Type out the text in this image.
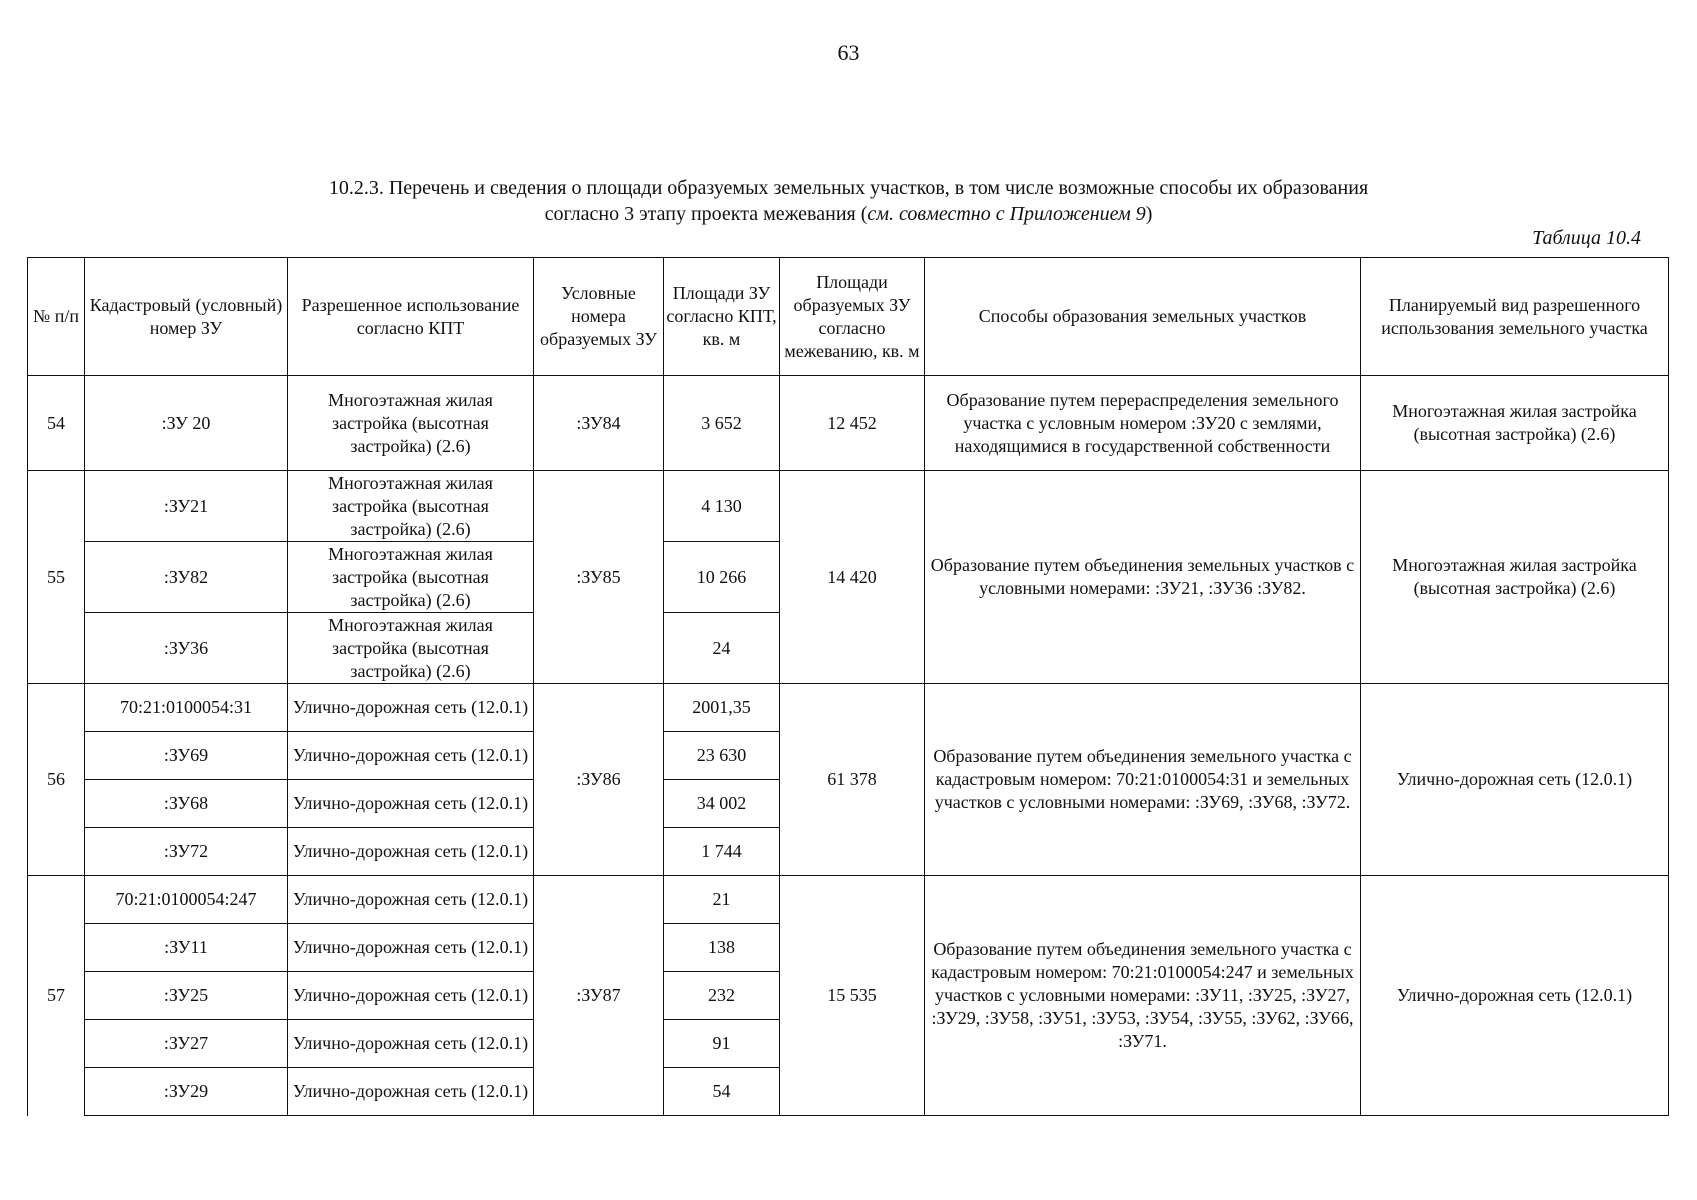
63
10.2.3. Перечень и сведения о площади образуемых земельных участков, в том числе возможные способы их образования
согласно 3 этапу проекта межевания (см. совместно с Приложением 9)
Таблица 10.4
№ п/п	Кадастровый (условный) номер ЗУ	Разрешенное использование согласно КПТ	Условные номера образуемых ЗУ	Площади ЗУ согласно КПТ, кв. м	Площади образуемых ЗУ согласно межеванию, кв. м	Способы образования земельных участков	Планируемый вид разрешенного использования земельного участка
54	:ЗУ 20	Многоэтажная жилая застройка (высотная застройка) (2.6)	:ЗУ84	3 652	12 452	Образование путем перераспределения земельного участка с условным номером :ЗУ20 с землями, находящимися в государственной собственности	Многоэтажная жилая застройка (высотная застройка) (2.6)
55	:ЗУ21	Многоэтажная жилая застройка (высотная застройка) (2.6)	:ЗУ85	4 130	14 420	Образование путем объединения земельных участков с условными номерами: :ЗУ21, :ЗУ36 :ЗУ82.	Многоэтажная жилая застройка (высотная застройка) (2.6)
	:ЗУ82	Многоэтажная жилая застройка (высотная застройка) (2.6)		10 266			
	:ЗУ36	Многоэтажная жилая застройка (высотная застройка) (2.6)		24			
56	70:21:0100054:31	Улично-дорожная сеть (12.0.1)	:ЗУ86	2001,35	61 378	Образование путем объединения земельного участка с кадастровым номером: 70:21:0100054:31 и земельных участков с условными номерами: :ЗУ69, :ЗУ68, :ЗУ72.	Улично-дорожная сеть (12.0.1)
	:ЗУ69	Улично-дорожная сеть (12.0.1)		23 630			
	:ЗУ68	Улично-дорожная сеть (12.0.1)		34 002			
	:ЗУ72	Улично-дорожная сеть (12.0.1)		1 744			
57	70:21:0100054:247	Улично-дорожная сеть (12.0.1)	:ЗУ87	21	15 535	Образование путем объединения земельного участка с кадастровым номером: 70:21:0100054:247 и земельных участков с условными номерами: :ЗУ11, :ЗУ25, :ЗУ27, :ЗУ29, :ЗУ58, :ЗУ51, :ЗУ53, :ЗУ54, :ЗУ55, :ЗУ62, :ЗУ66, :ЗУ71.	Улично-дорожная сеть (12.0.1)
	:ЗУ11	Улично-дорожная сеть (12.0.1)		138			
	:ЗУ25	Улично-дорожная сеть (12.0.1)		232			
	:ЗУ27	Улично-дорожная сеть (12.0.1)		91			
	:ЗУ29	Улично-дорожная сеть (12.0.1)		54			
